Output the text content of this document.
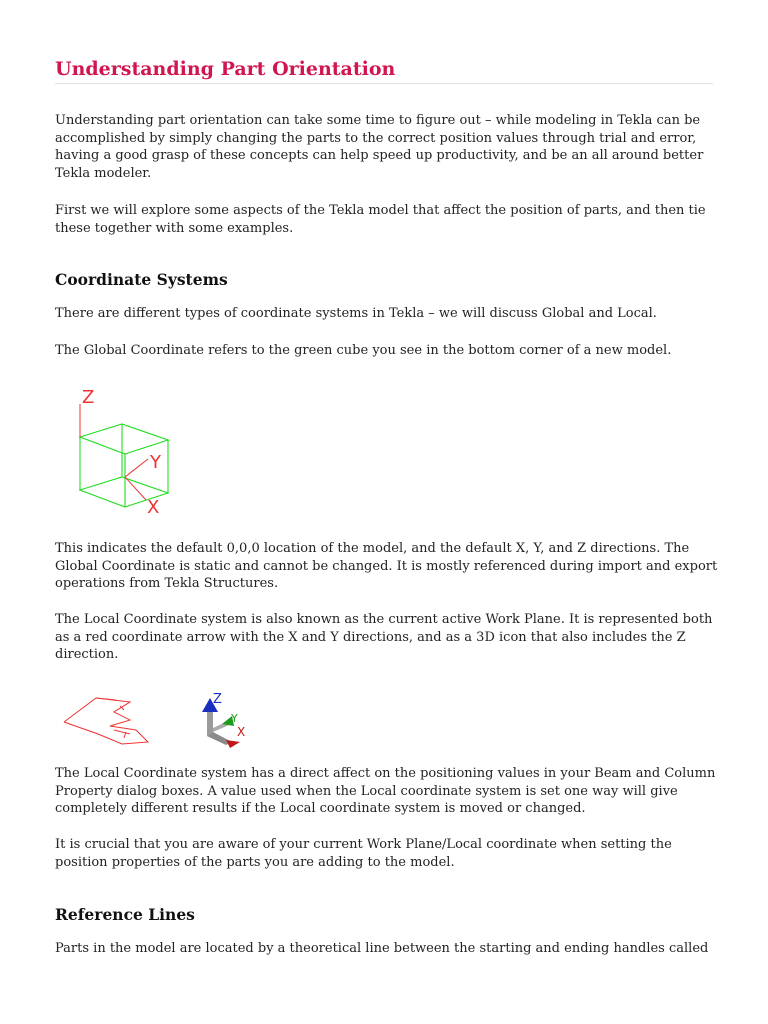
Understanding Part Orientation

Understanding part orientation can take some time to figure out – while modeling in Tekla can be accomplished by simply changing the parts to the correct position values through trial and error, having a good grasp of these concepts can help speed up productivity, and be an all around better Tekla modeler.

First we will explore some aspects of the Tekla model that affect the position of parts, and then tie these together with some examples.

Coordinate Systems

There are different types of coordinate systems in Tekla – we will discuss Global and Local.

The Global Coordinate refers to the green cube you see in the bottom corner of a new model.

Z
Y
X

This indicates the default 0,0,0 location of the model, and the default X, Y, and Z directions. The Global Coordinate is static and cannot be changed. It is mostly referenced during import and export operations from Tekla Structures.

The Local Coordinate system is also known as the current active Work Plane. It is represented both as a red coordinate arrow with the X and Y directions, and as a 3D icon that also includes the Z direction.

Z
Y
X

The Local Coordinate system has a direct affect on the positioning values in your Beam and Column Property dialog boxes. A value used when the Local coordinate system is set one way will give completely different results if the Local coordinate system is moved or changed.

It is crucial that you are aware of your current Work Plane/Local coordinate when setting the position properties of the parts you are adding to the model.

Reference Lines

Parts in the model are located by a theoretical line between the starting and ending handles called
